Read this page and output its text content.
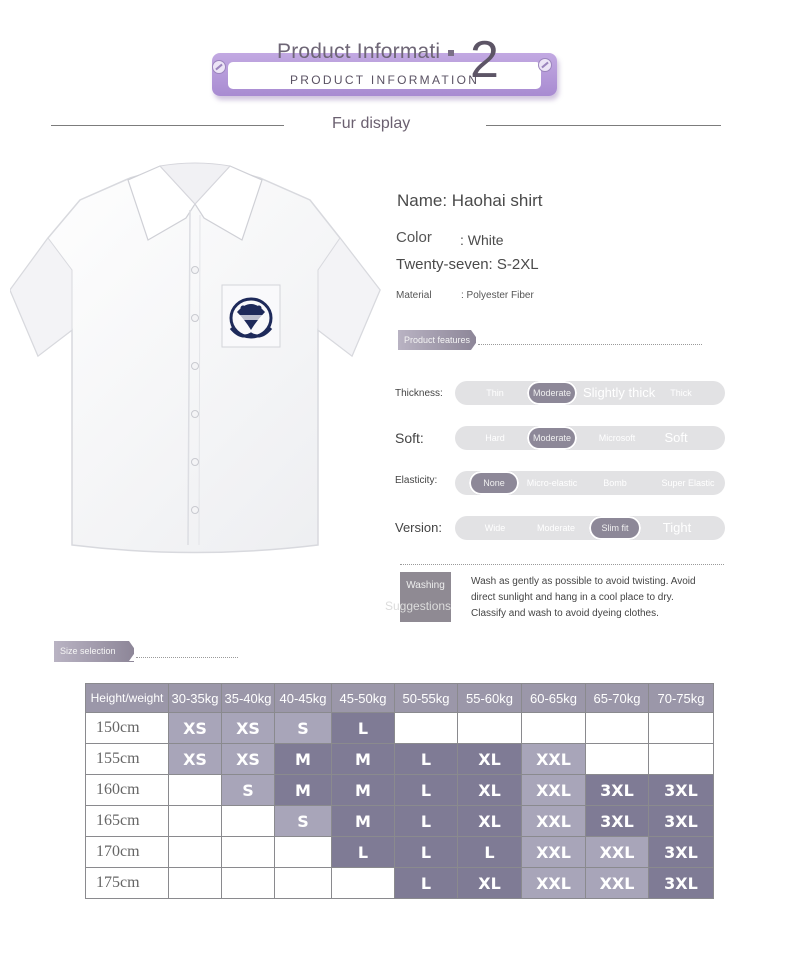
Product Informati 2
PRODUCT INFORMATION
Fur display
Name: Haohai shirt
Color : White
Twenty-seven: S-2XL
Material	: Polyester Fiber
Product features
Thickness:	Thin	Moderate Slightly thick	Thick
Soft:	Hard	Moderate	Microsoft	Soft
Elasticity:	None	Micro-elastic	Bomb	Super Elastic
Version:	Wide	Moderate	Slim fit	Tight
Washing
Suggestions
Wash as gently as possible to avoid twisting. Avoid direct sunlight and hang in a cool place to dry. Classify and wash to avoid dyeing clothes.
Size selection
Height/weight	30-35kg	35-40kg	40-45kg	45-50kg	50-55kg	55-60kg	60-65kg	65-70kg	70-75kg
150cm	XS	XS	S	L					
155cm	XS	XS	M	M	L	XL	XXL		
160cm		S	M	M	L	XL	XXL	3XL	3XL
165cm			S	M	L	XL	XXL	3XL	3XL
170cm				L	L	L	XXL	XXL	3XL
175cm					L	XL	XXL	XXL	3XL
